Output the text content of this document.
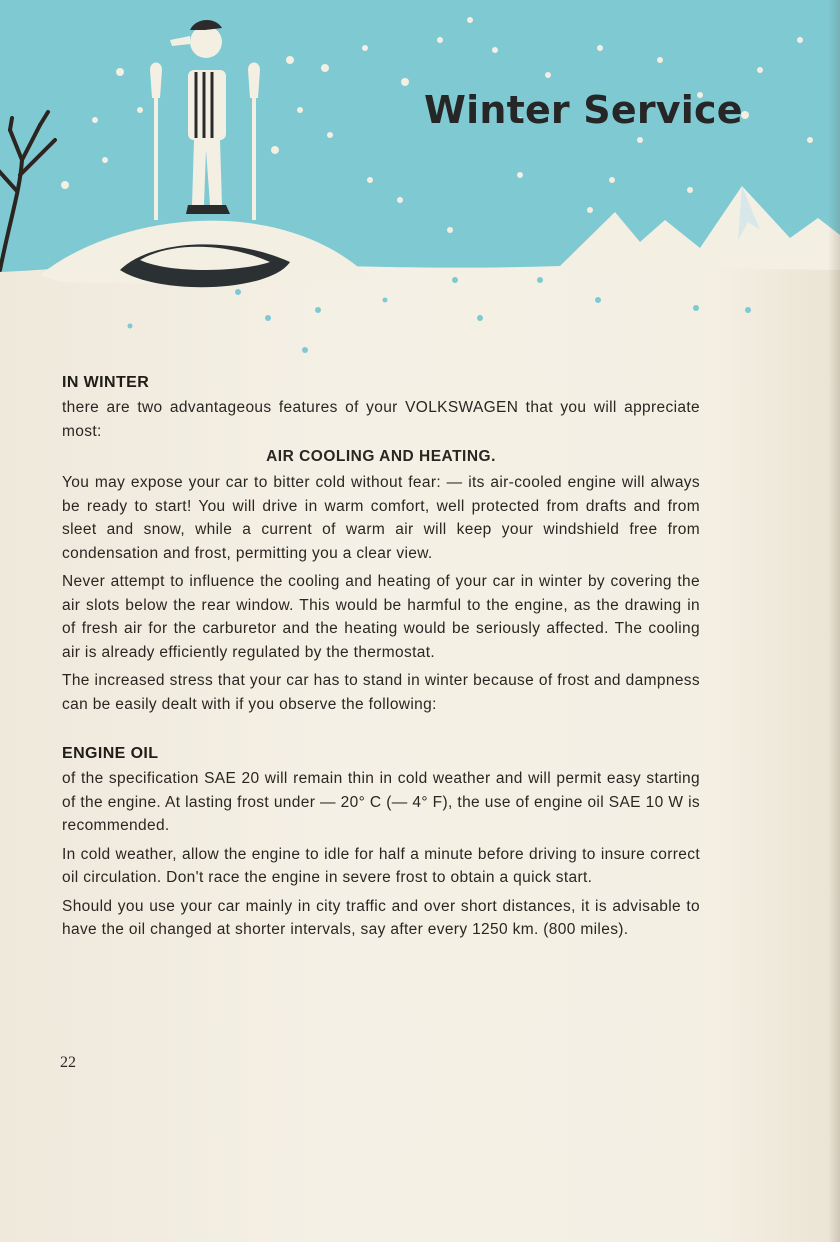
Winter Service
IN WINTER

there are two advantageous features of your VOLKSWAGEN that you will appreciate most:

AIR COOLING AND HEATING.

You may expose your car to bitter cold without fear: — its air-cooled engine will always be ready to start! You will drive in warm comfort, well protected from drafts and from sleet and snow, while a current of warm air will keep your windshield free from condensation and frost, permitting you a clear view.

Never attempt to influence the cooling and heating of your car in winter by covering the air slots below the rear window. This would be harmful to the engine, as the drawing in of fresh air for the carburetor and the heating would be seriously affected. The cooling air is already efficiently regulated by the thermostat.

The increased stress that your car has to stand in winter because of frost and dampness can be easily dealt with if you observe the following:

ENGINE OIL

of the specification SAE 20 will remain thin in cold weather and will permit easy starting of the engine. At lasting frost under — 20° C (— 4° F), the use of engine oil SAE 10 W is recommended.

In cold weather, allow the engine to idle for half a minute before driving to insure correct oil circulation. Don't race the engine in severe frost to obtain a quick start.

Should you use your car mainly in city traffic and over short distances, it is advisable to have the oil changed at shorter intervals, say after every 1250 km. (800 miles).

22
